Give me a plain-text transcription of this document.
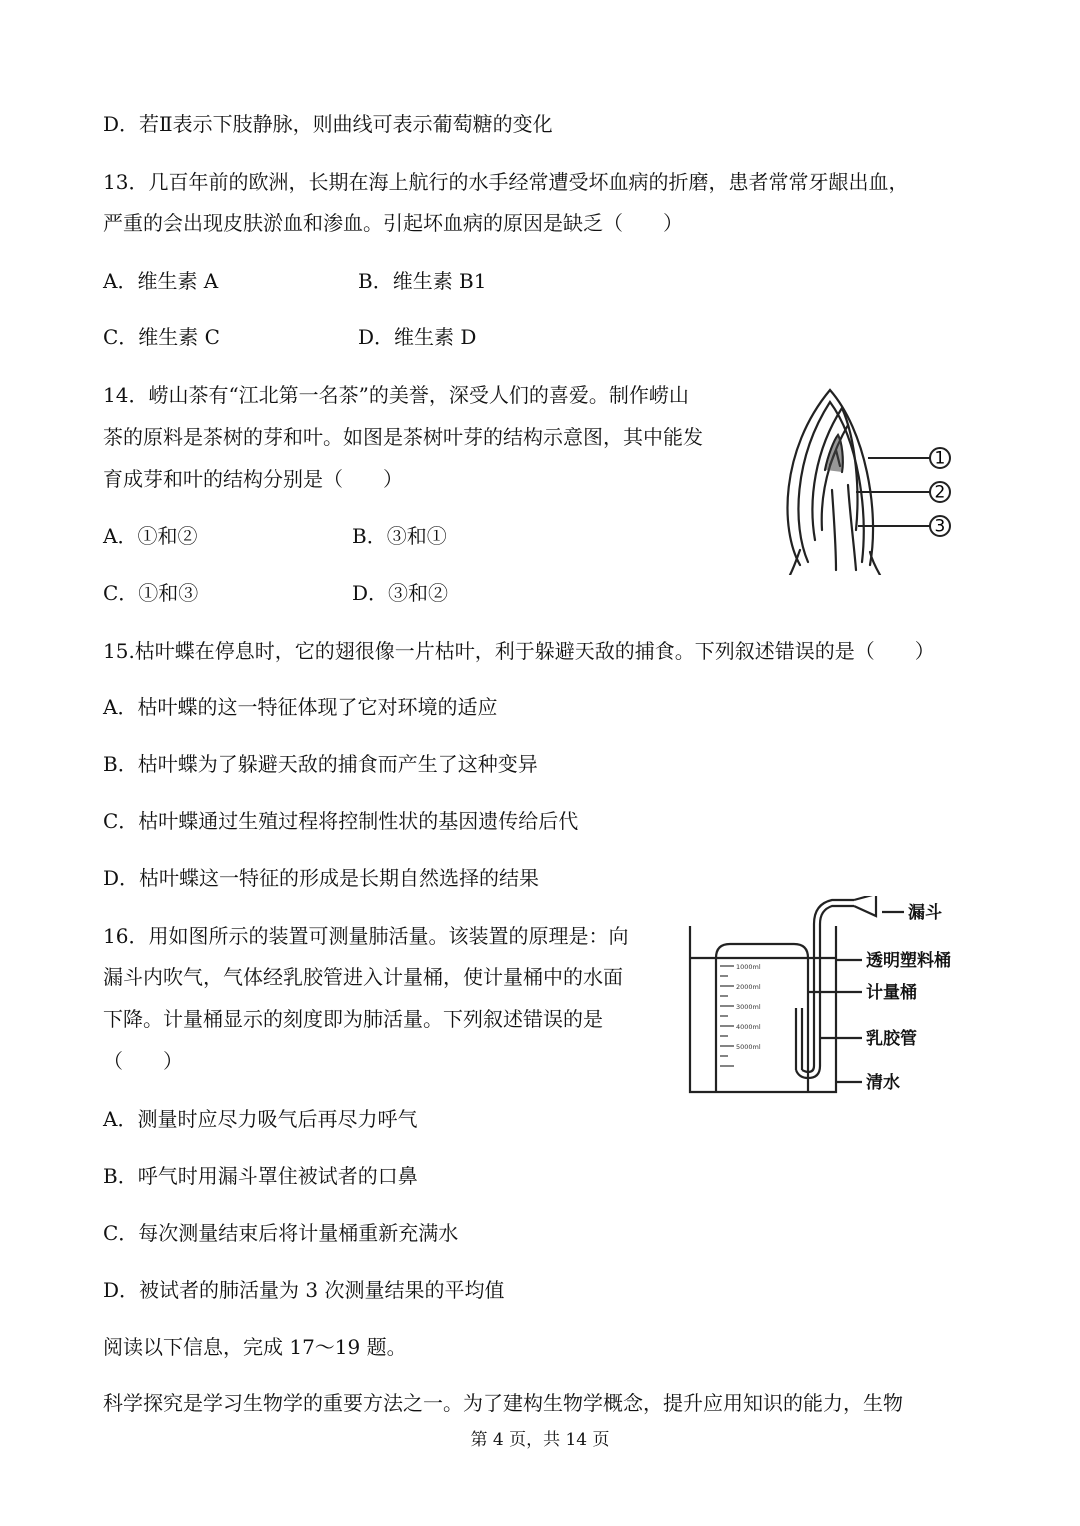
D．若Ⅱ表示下肢静脉，则曲线可表示葡萄糖的变化
13．几百年前的欧洲，长期在海上航行的水手经常遭受坏血病的折磨，患者常常牙龈出血，
严重的会出现皮肤淤血和渗血。引起坏血病的原因是缺乏（　　）
A．维生素 A	B．维生素 B1
C．维生素 C	D．维生素 D
14．崂山茶有“江北第一名茶”的美誉，深受人们的喜爱。制作崂山
茶的原料是茶树的芽和叶。如图是茶树叶芽的结构示意图，其中能发
育成芽和叶的结构分别是（　　）
A．①和②	B．③和①
C．①和③	D．③和②
1
2
3
15.枯叶蝶在停息时，它的翅很像一片枯叶，利于躲避天敌的捕食。下列叙述错误的是（　　）
A．枯叶蝶的这一特征体现了它对环境的适应
B．枯叶蝶为了躲避天敌的捕食而产生了这种变异
C．枯叶蝶通过生殖过程将控制性状的基因遗传给后代
D．枯叶蝶这一特征的形成是长期自然选择的结果
16．用如图所示的装置可测量肺活量。该装置的原理是：向
漏斗内吹气，气体经乳胶管进入计量桶，使计量桶中的水面
下降。计量桶显示的刻度即为肺活量。下列叙述错误的是
（　　）
1000ml
2000ml
3000ml
4000ml
5000ml
漏斗
透明塑料桶
计量桶
乳胶管
清水
A．测量时应尽力吸气后再尽力呼气
B．呼气时用漏斗罩住被试者的口鼻
C．每次测量结束后将计量桶重新充满水
D．被试者的肺活量为 3 次测量结果的平均值
阅读以下信息，完成 17～19 题。
科学探究是学习生物学的重要方法之一。为了建构生物学概念，提升应用知识的能力，生物
第 4 页，共 14 页
